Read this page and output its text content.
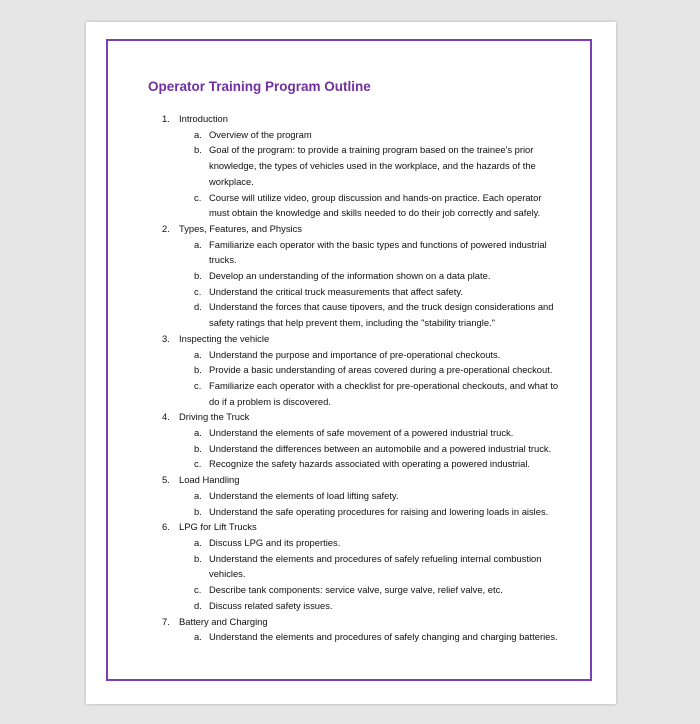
Operator Training Program Outline
1. Introduction
a. Overview of the program
b. Goal of the program: to provide a training program based on the trainee's prior knowledge, the types of vehicles used in the workplace, and the hazards of the workplace.
c. Course will utilize video, group discussion and hands-on practice. Each operator must obtain the knowledge and skills needed to do their job correctly and safely.
2. Types, Features, and Physics
a. Familiarize each operator with the basic types and functions of powered industrial trucks.
b. Develop an understanding of the information shown on a data plate.
c. Understand the critical truck measurements that affect safety.
d. Understand the forces that cause tipovers, and the truck design considerations and safety ratings that help prevent them, including the "stability triangle."
3. Inspecting the vehicle
a. Understand the purpose and importance of pre-operational checkouts.
b. Provide a basic understanding of areas covered during a pre-operational checkout.
c. Familiarize each operator with a checklist for pre-operational checkouts, and what to do if a problem is discovered.
4. Driving the Truck
a. Understand the elements of safe movement of a powered industrial truck.
b. Understand the differences between an automobile and a powered industrial truck.
c. Recognize the safety hazards associated with operating a powered industrial.
5. Load Handling
a. Understand the elements of load lifting safety.
b. Understand the safe operating procedures for raising and lowering loads in aisles.
6. LPG for Lift Trucks
a. Discuss LPG and its properties.
b. Understand the elements and procedures of safely refueling internal combustion vehicles.
c. Describe tank components: service valve, surge valve, relief valve, etc.
d. Discuss related safety issues.
7. Battery and Charging
a. Understand the elements and procedures of safely changing and charging batteries.
